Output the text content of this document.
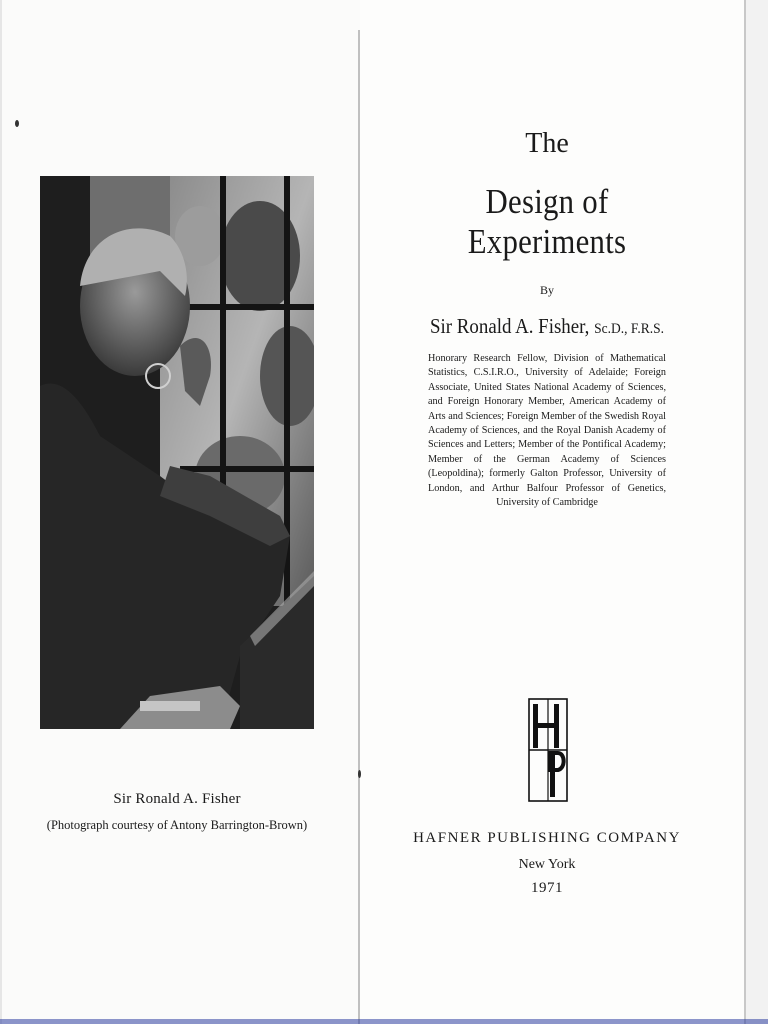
Sir Ronald A. Fisher
(Photograph courtesy of Antony Barrington-Brown)
The
Design of Experiments
By
Sir Ronald A. Fisher, Sc.D., F.R.S.
Honorary Research Fellow, Division of Mathematical Statistics, C.S.I.R.O., University of Adelaide; Foreign Associate, United States National Academy of Sciences, and Foreign Honorary Member, American Academy of Arts and Sciences; Foreign Member of the Swedish Royal Academy of Sciences, and the Royal Danish Academy of Sciences and Letters; Member of the Pontifical Academy; Member of the German Academy of Sciences (Leopoldina); formerly Galton Professor, University of London, and Arthur Balfour Professor of Genetics, University of Cambridge
HAFNER PUBLISHING COMPANY
New York
1971
